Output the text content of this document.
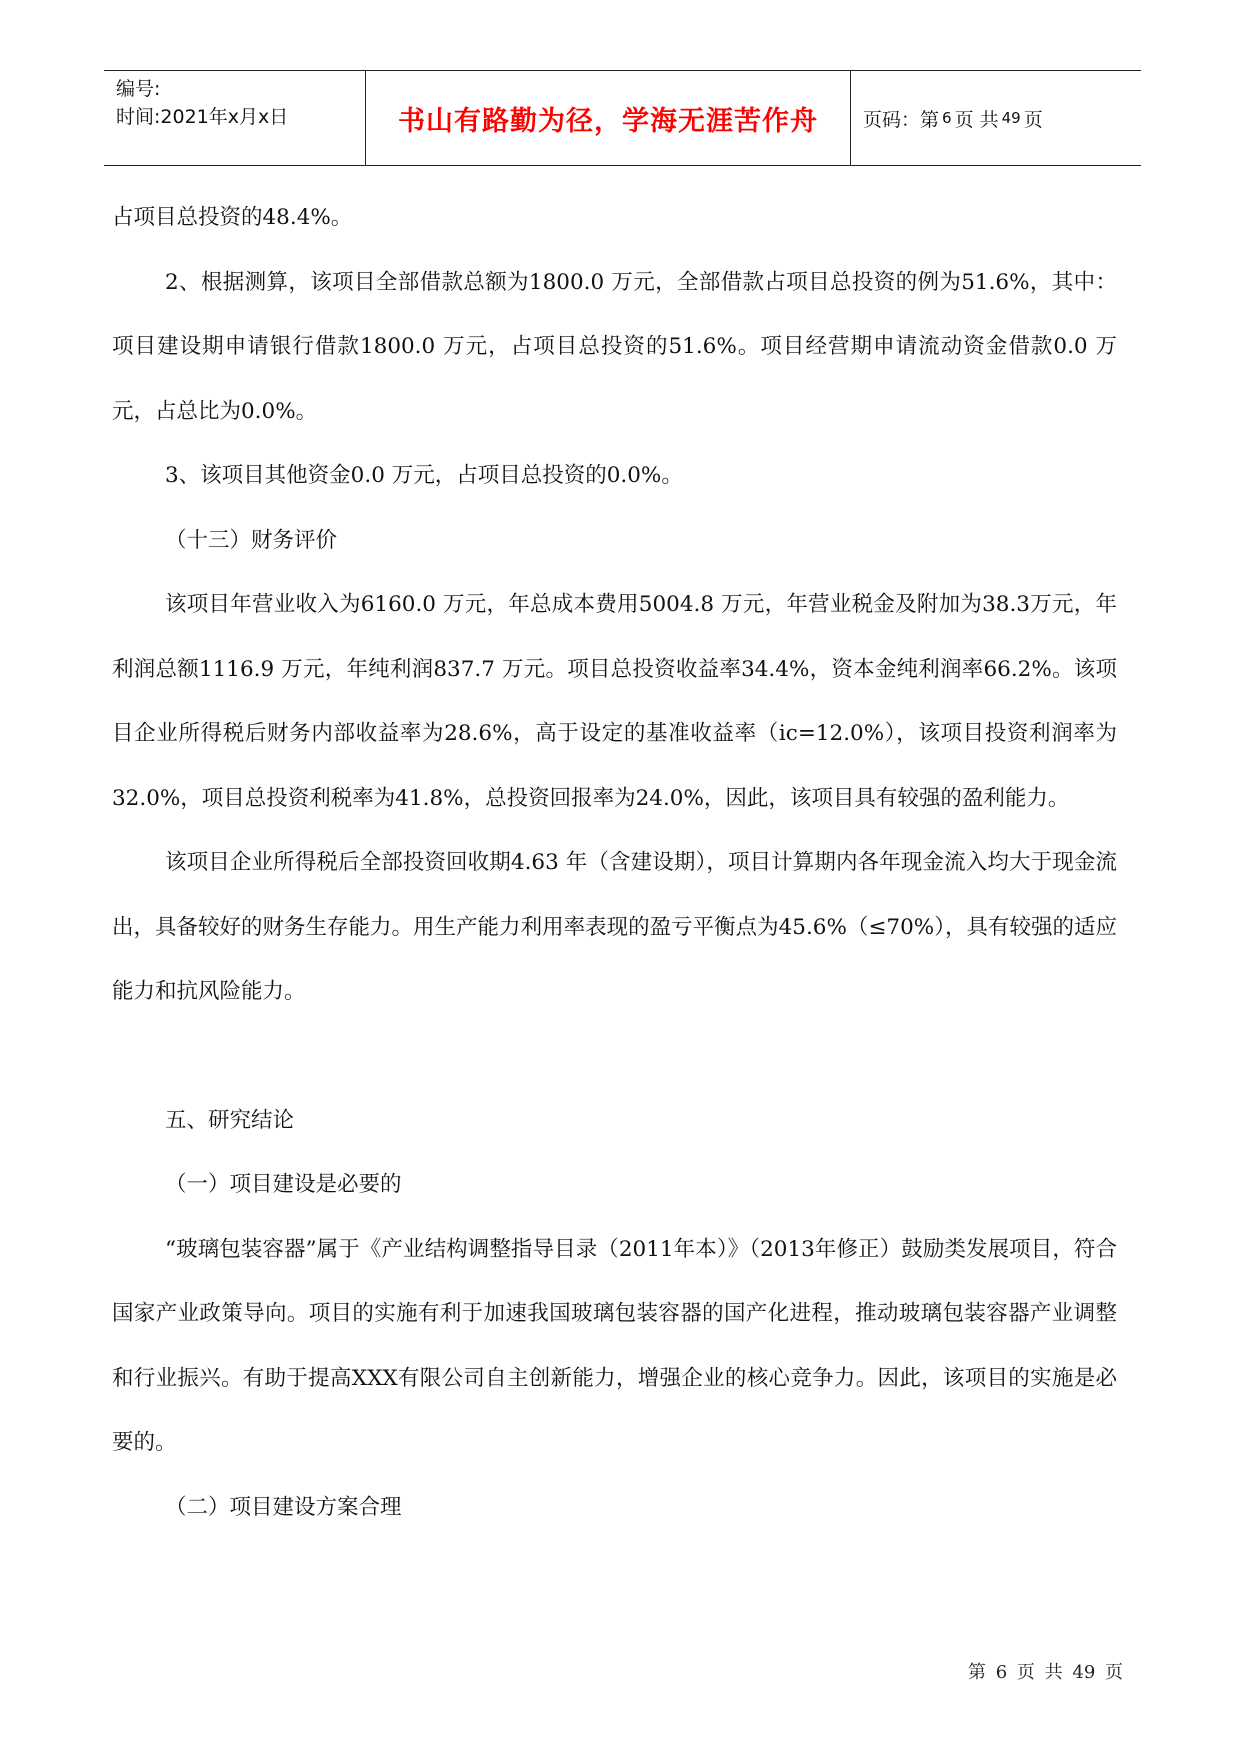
编号:
时间:2021年x月x日	书山有路勤为径，学海无涯苦作舟	页码：第 6 页 共 49 页

占项目总投资的48.4%。

2、根据测算，该项目全部借款总额为1800.0 万元，全部借款占项目总投资的例为51.6%，其中：项目建设期申请银行借款1800.0 万元，占项目总投资的51.6%。项目经营期申请流动资金借款0.0 万元，占总比为0.0%。

3、该项目其他资金0.0 万元，占项目总投资的0.0%。

（十三）财务评价

该项目年营业收入为6160.0 万元，年总成本费用5004.8 万元，年营业税金及附加为38.3万元，年利润总额1116.9 万元，年纯利润837.7 万元。项目总投资收益率34.4%，资本金纯利润率66.2%。该项目企业所得税后财务内部收益率为28.6%，高于设定的基准收益率（ic=12.0%），该项目投资利润率为32.0%，项目总投资利税率为41.8%，总投资回报率为24.0%，因此，该项目具有较强的盈利能力。

该项目企业所得税后全部投资回收期4.63 年（含建设期），项目计算期内各年现金流入均大于现金流出，具备较好的财务生存能力。用生产能力利用率表现的盈亏平衡点为45.6%（≤70%），具有较强的适应能力和抗风险能力。

五、研究结论

（一）项目建设是必要的

“玻璃包装容器”属于《产业结构调整指导目录（2011年本）》（2013年修正）鼓励类发展项目，符合国家产业政策导向。项目的实施有利于加速我国玻璃包装容器的国产化进程，推动玻璃包装容器产业调整和行业振兴。有助于提高XXX有限公司自主创新能力，增强企业的核心竞争力。因此，该项目的实施是必要的。

（二）项目建设方案合理

第 6 页 共 49 页
